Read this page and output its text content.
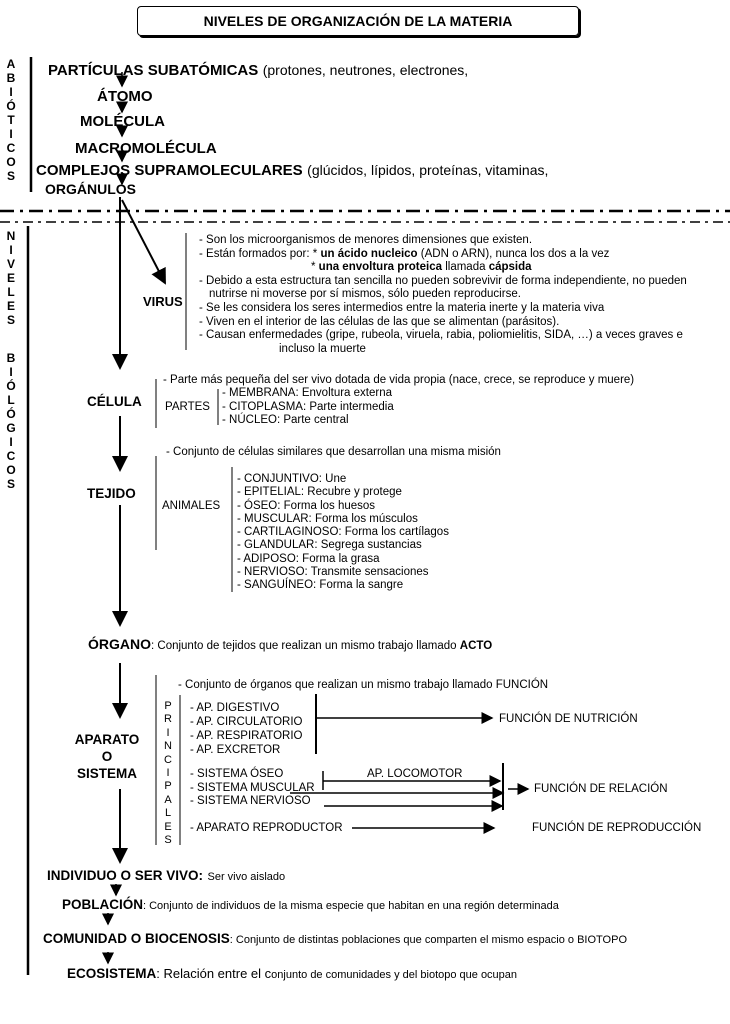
NIVELES DE ORGANIZACIÓN DE LA MATERIA
A
B
I
Ó
T
I
C
O
S
N
I
V
E
L
E
S
B
I
Ó
L
Ó
G
I
C
O
S
PARTÍCULAS SUBATÓMICAS (protones, neutrones, electrones,
ÁTOMO
MOLÉCULA
MACROMOLÉCULA
COMPLEJOS SUPRAMOLECULARES (glúcidos, lípidos, proteínas, vitaminas,
ORGÁNULOS
VIRUS
- Son los microorganismos de menores dimensiones que existen.
- Están formados por: * un ácido nucleico (ADN o ARN), nunca los dos a la vez
* una envoltura proteica llamada cápsida
- Debido a esta estructura tan sencilla no pueden sobrevivir de forma independiente, no pueden
nutrirse ni moverse por sí mismos, sólo pueden reproducirse.
- Se les considera los seres intermedios entre la materia inerte y la materia viva
- Viven en el interior de las células de las que se alimentan (parásitos).
- Causan enfermedades (gripe, rubeola, viruela, rabia, poliomielitis, SIDA, …) a veces graves e
incluso la muerte
CÉLULA
- Parte más pequeña del ser vivo dotada de vida propia (nace, crece, se reproduce y muere)
PARTES
- MEMBRANA: Envoltura externa
- CITOPLASMA: Parte intermedia
- NÚCLEO: Parte central
TEJIDO
- Conjunto de células similares que desarrollan una misma misión
ANIMALES
- CONJUNTIVO: Une
- EPITELIAL: Recubre y protege
- ÓSEO: Forma los huesos
- MUSCULAR: Forma los músculos
- CARTILAGINOSO: Forma los cartílagos
- GLANDULAR: Segrega sustancias
- ADIPOSO: Forma la grasa
- NERVIOSO: Transmite sensaciones
- SANGUÍNEO: Forma la sangre
ÓRGANO: Conjunto de tejidos que realizan un mismo trabajo llamado ACTO
APARATO
O
SISTEMA
- Conjunto de órganos que realizan un mismo trabajo llamado FUNCIÓN
P
R
I
N
C
I
P
A
L
E
S
- AP. DIGESTIVO
- AP. CIRCULATORIO
- AP. RESPIRATORIO
- AP. EXCRETOR
FUNCIÓN DE NUTRICIÓN
- SISTEMA ÓSEO
- SISTEMA MUSCULAR
- SISTEMA NERVIOSO
AP. LOCOMOTOR
FUNCIÓN DE RELACIÓN
- APARATO REPRODUCTOR	FUNCIÓN DE REPRODUCCIÓN
INDIVIDUO O SER VIVO: Ser vivo aislado
POBLACIÓN: Conjunto de individuos de la misma especie que habitan en una región determinada
COMUNIDAD O BIOCENOSIS: Conjunto de distintas poblaciones que comparten el mismo espacio o BIOTOPO
ECOSISTEMA: Relación entre el conjunto de comunidades y del biotopo que ocupan
